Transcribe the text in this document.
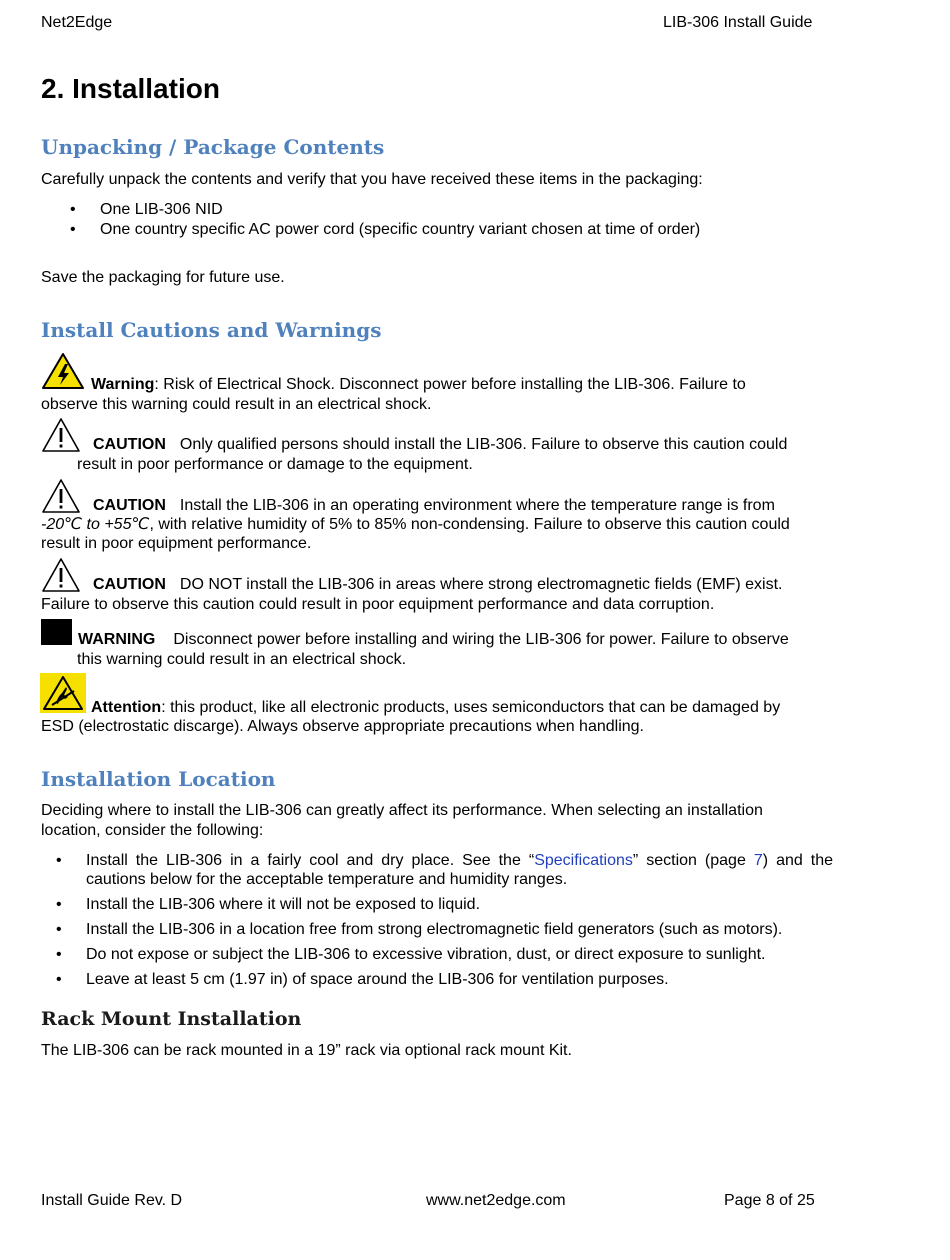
Net2Edge	LIB-306 Install Guide
2. Installation
Unpacking / Package Contents
Carefully unpack the contents and verify that you have received these items in the packaging:
• One LIB-306 NID
• One country specific AC power cord (specific country variant chosen at time of order)
Save the packaging for future use.
Install Cautions and Warnings
Warning: Risk of Electrical Shock. Disconnect power before installing the LIB-306. Failure to
observe this warning could result in an electrical shock.
CAUTION Only qualified persons should install the LIB-306. Failure to observe this caution could
result in poor performance or damage to the equipment.
CAUTION Install the LIB-306 in an operating environment where the temperature range is from
-20℃ to +55℃, with relative humidity of 5% to 85% non-condensing. Failure to observe this caution could
result in poor equipment performance.
CAUTION DO NOT install the LIB-306 in areas where strong electromagnetic fields (EMF) exist.
Failure to observe this caution could result in poor equipment performance and data corruption.
WARNING Disconnect power before installing and wiring the LIB-306 for power. Failure to observe
this warning could result in an electrical shock.
Attention: this product, like all electronic products, uses semiconductors that can be damaged by
ESD (electrostatic discarge). Always observe appropriate precautions when handling.
Installation Location
Deciding where to install the LIB-306 can greatly affect its performance. When selecting an installation
location, consider the following:
• Install the LIB-306 in a fairly cool and dry place. See the “Specifications” section (page 7) and the
cautions below for the acceptable temperature and humidity ranges.
• Install the LIB-306 where it will not be exposed to liquid.
• Install the LIB-306 in a location free from strong electromagnetic field generators (such as motors).
• Do not expose or subject the LIB-306 to excessive vibration, dust, or direct exposure to sunlight.
• Leave at least 5 cm (1.97 in) of space around the LIB-306 for ventilation purposes.
Rack Mount Installation
The LIB-306 can be rack mounted in a 19” rack via optional rack mount Kit.
Install Guide Rev. D	www.net2edge.com	Page 8 of 25
